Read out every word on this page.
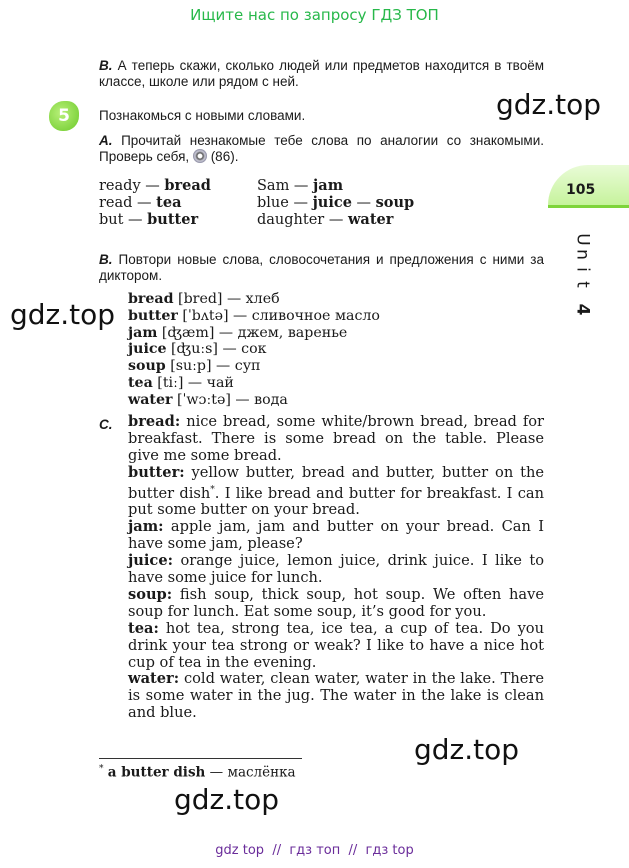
Ищите нас по запросу ГДЗ ТОП
B. А теперь скажи, сколько людей или предметов находится в твоём классе, школе или рядом с ней.
gdz.top
gdz.top
gdz.top
gdz.top
5	Познакомься с новыми словами.
A. Прочитай незнакомые тебе слова по аналогии со знакомыми. Проверь себя, (86).
105
U
n
i
t
4
ready — bread
read — tea
but — butter
Sam — jam
blue — juice — soup
daughter — water
B. Повтори новые слова, словосочетания и предложения с ними за диктором.
bread [bred] — хлеб
butter [ˈbʌtə] — сливочное масло
jam [ʤæm] — джем, варенье
juice [ʤuːs] — сок
soup [suːp] — суп
tea [tiː] — чай
water [ˈwɔːtə] — вода
C. bread: nice bread, some white/brown bread, bread for breakfast. There is some bread on the table. Please give me some bread.

butter: yellow butter, bread and butter, butter on the butter dish*. I like bread and butter for breakfast. I can put some butter on your bread.

jam: apple jam, jam and butter on your bread. Can I have some jam, please?

juice: orange juice, lemon juice, drink juice. I like to have some juice for lunch.

soup: fish soup, thick soup, hot soup. We often have soup for lunch. Eat some soup, it’s good for you.

tea: hot tea, strong tea, ice tea, a cup of tea. Do you drink your tea strong or weak? I like to have a nice hot cup of tea in the evening.

water: cold water, clean water, water in the lake. There is some water in the jug. The water in the lake is clean and blue.

* a butter dish — маслёнка
gdz top  //  гдз топ  //  гдз top
